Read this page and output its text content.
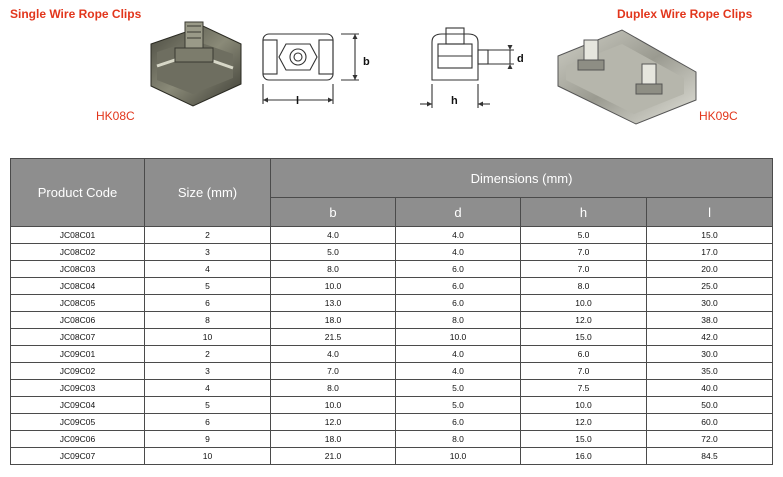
Single Wire Rope Clips	Duplex Wire Rope Clips
HK08C
b
l
d
h
HK09C
Product Code	Size (mm)	Dimensions (mm)			
		b	d	h	l
JC08C01	2	4.0	4.0	5.0	15.0
JC08C02	3	5.0	4.0	7.0	17.0
JC08C03	4	8.0	6.0	7.0	20.0
JC08C04	5	10.0	6.0	8.0	25.0
JC08C05	6	13.0	6.0	10.0	30.0
JC08C06	8	18.0	8.0	12.0	38.0
JC08C07	10	21.5	10.0	15.0	42.0
JC09C01	2	4.0	4.0	6.0	30.0
JC09C02	3	7.0	4.0	7.0	35.0
JC09C03	4	8.0	5.0	7.5	40.0
JC09C04	5	10.0	5.0	10.0	50.0
JC09C05	6	12.0	6.0	12.0	60.0
JC09C06	9	18.0	8.0	15.0	72.0
JC09C07	10	21.0	10.0	16.0	84.5
